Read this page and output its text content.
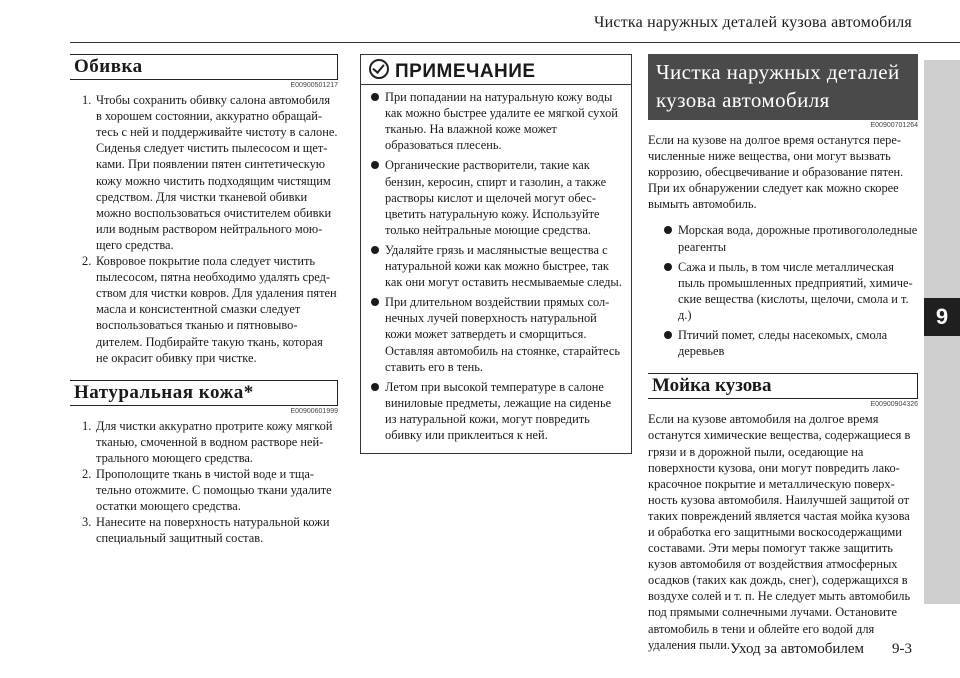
Чистка наружных деталей кузова автомобиля
9
Обивка
E00900501217
1. Чтобы сохранить обивку салона автомобиля в хорошем состоянии, аккуратно обращайтесь с ней и поддерживайте чистоту в салоне. Сиденья следует чистить пылесосом и щетками. При появлении пятен синтетическую кожу можно чистить подходящим чистящим средством. Для чистки тканевой обивки можно воспользоваться очистителем обивки или водным раствором нейтрального моющего средства.
2. Ковровое покрытие пола следует чистить пылесосом, пятна необходимо удалять средством для чистки ковров. Для удаления пятен масла и консистентной смазки следует воспользоваться тканью и пятновыводителем. Подбирайте такую ткань, которая не окрасит обивку при чистке.
Натуральная кожа*
E00900601999
1. Для чистки аккуратно протрите кожу мягкой тканью, смоченной в водном растворе нейтрального моющего средства.
2. Прополощите ткань в чистой воде и тщательно отожмите. С помощью ткани удалите остатки моющего средства.
3. Нанесите на поверхность натуральной кожи специальный защитный состав.
ПРИМЕЧАНИЕ
При попадании на натуральную кожу воды как можно быстрее удалите ее мягкой сухой тканью. На влажной коже может образоваться плесень.
Органические растворители, такие как бензин, керосин, спирт и газолин, а также растворы кислот и щелочей могут обесцветить натуральную кожу. Используйте только нейтральные моющие средства.
Удаляйте грязь и масляныстые вещества с натуральной кожи как можно быстрее, так как они могут оставить несмываемые следы.
При длительном воздействии прямых солнечных лучей поверхность натуральной кожи может затвердеть и сморщиться. Оставляя автомобиль на стоянке, старайтесь ставить его в тень.
Летом при высокой температуре в салоне виниловые предметы, лежащие на сиденье из натуральной кожи, могут повредить обивку или приклеиться к ней.
Чистка наружных деталей кузова автомобиля
E00900701264

Если на кузове на долгое время останутся перечисленные ниже вещества, они могут вызвать коррозию, обесцвечивание и образование пятен. При их обнаружении следует как можно скорее вымыть автомобиль.

Морская вода, дорожные противогололедные реагенты
Сажа и пыль, в том числе металлическая пыль промышленных предприятий, химические вещества (кислоты, щелочи, смола и т. д.)
Птичий помет, следы насекомых, смола деревьев
Мойка кузова
E00900904326

Если на кузове автомобиля на долгое время останутся химические вещества, содержащиеся в грязи и в дорожной пыли, оседающие на поверхности кузова, они могут повредить лакокрасочное покрытие и металлическую поверхность кузова автомобиля. Наилучшей защитой от таких повреждений является частая мойка кузова и обработка его защитными воскосодержащими составами. Эти меры помогут также защитить кузов автомобиля от воздействия атмосферных осадков (таких как дождь, снег), содержащихся в воздухе солей и т. п. Не следует мыть автомобиль под прямыми солнечными лучами. Остановите автомобиль в тени и облейте его водой для удаления пыли. Уход за автомобилем 9-3
